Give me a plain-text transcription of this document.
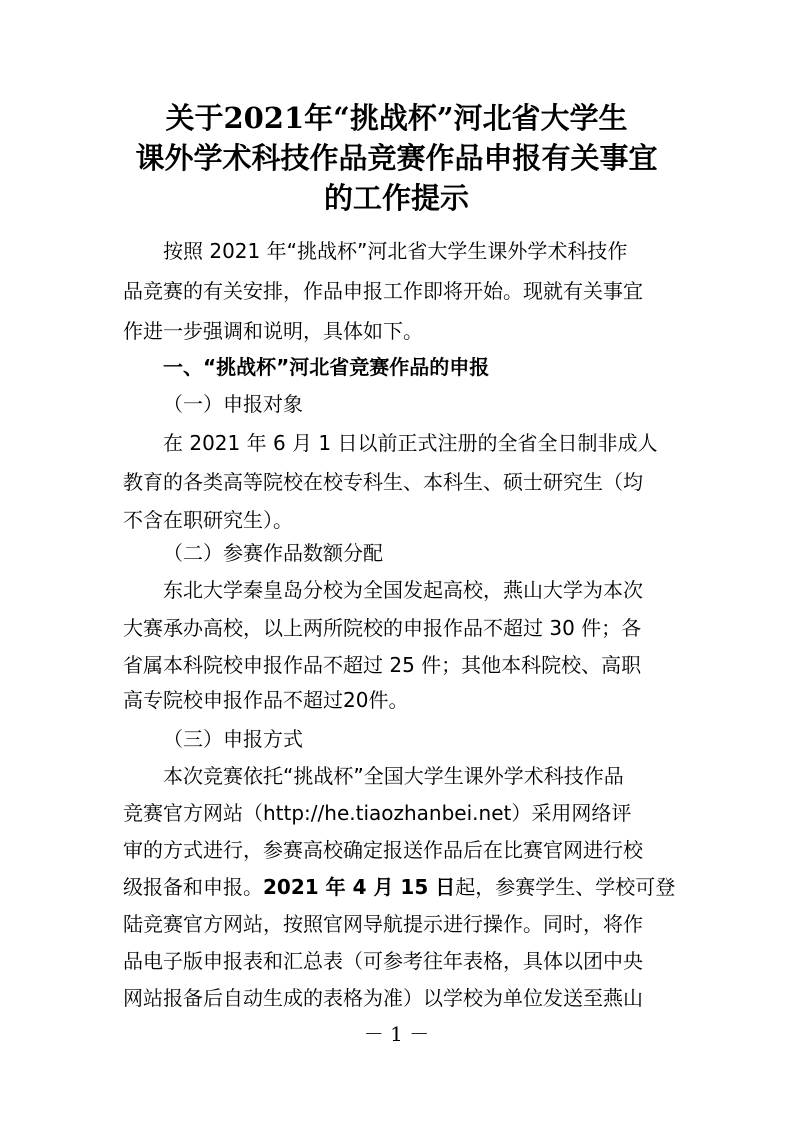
关于2021年“挑战杯”河北省大学生
课外学术科技作品竞赛作品申报有关事宜
的工作提示
按照 2021 年“挑战杯”河北省大学生课外学术科技作
品竞赛的有关安排，作品申报工作即将开始。现就有关事宜
作进一步强调和说明，具体如下。
一、“挑战杯”河北省竞赛作品的申报
（一）申报对象
在 2021 年 6 月 1 日以前正式注册的全省全日制非成人
教育的各类高等院校在校专科生、本科生、硕士研究生（均
不含在职研究生）。
（二）参赛作品数额分配
东北大学秦皇岛分校为全国发起高校，燕山大学为本次
大赛承办高校，以上两所院校的申报作品不超过 30 件；各
省属本科院校申报作品不超过 25 件；其他本科院校、高职
高专院校申报作品不超过20件。
（三）申报方式
本次竞赛依托“挑战杯”全国大学生课外学术科技作品
竞赛官方网站（http://he.tiaozhanbei.net）采用网络评
审的方式进行，参赛高校确定报送作品后在比赛官网进行校
级报备和申报。2021 年 4 月 15 日起，参赛学生、学校可登
陆竞赛官方网站，按照官网导航提示进行操作。同时，将作
品电子版申报表和汇总表（可参考往年表格，具体以团中央
网站报备后自动生成的表格为准）以学校为单位发送至燕山
－ 1 －
